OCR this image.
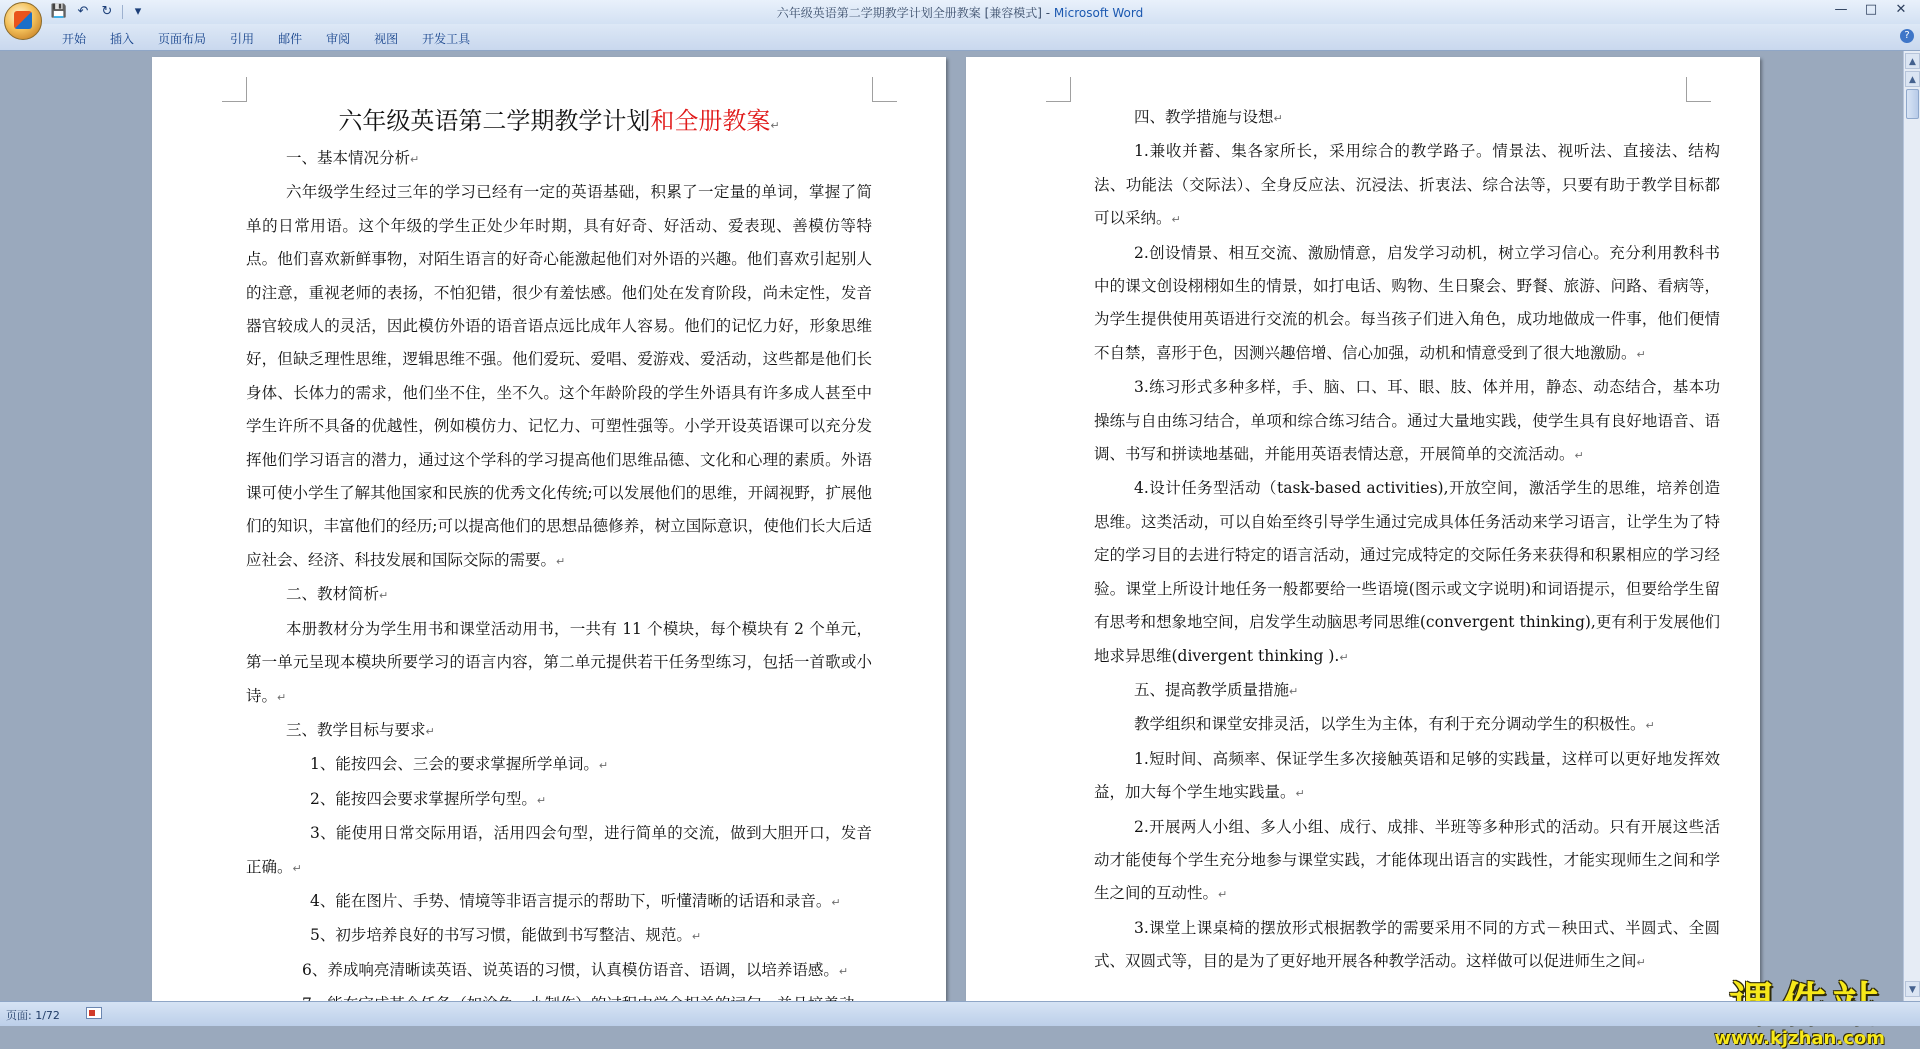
💾 ↶ ↻	▾	六年级英语第二学期教学计划全册教案 [兼容模式] - Microsoft Word	—	□	✕
开始	插入	页面布局	引用	邮件	审阅	视图	开发工具	?
六年级英语第二学期教学计划和全册教案↵

一、基本情况分析↵

六年级学生经过三年的学习已经有一定的英语基础，积累了一定量的单词，掌握了简单的日常用语。这个年级的学生正处少年时期，具有好奇、好活动、爱表现、善模仿等特点。他们喜欢新鲜事物，对陌生语言的好奇心能激起他们对外语的兴趣。他们喜欢引起别人的注意，重视老师的表扬，不怕犯错，很少有羞怯感。他们处在发育阶段，尚未定性，发音器官较成人的灵活，因此模仿外语的语音语点远比成年人容易。他们的记忆力好，形象思维好，但缺乏理性思维，逻辑思维不强。他们爱玩、爱唱、爱游戏、爱活动，这些都是他们长身体、长体力的需求，他们坐不住，坐不久。这个年龄阶段的学生外语具有许多成人甚至中学生许所不具备的优越性，例如模仿力、记忆力、可塑性强等。小学开设英语课可以充分发挥他们学习语言的潜力，通过这个学科的学习提高他们思维品德、文化和心理的素质。外语课可使小学生了解其他国家和民族的优秀文化传统;可以发展他们的思维，开阔视野，扩展他们的知识，丰富他们的经历;可以提高他们的思想品德修养，树立国际意识，使他们长大后适应社会、经济、科技发展和国际交际的需要。↵

二、教材简析↵

本册教材分为学生用书和课堂活动用书，一共有 11 个模块，每个模块有 2 个单元，第一单元呈现本模块所要学习的语言内容，第二单元提供若干任务型练习，包括一首歌或小诗。↵

三、教学目标与要求↵

1、能按四会、三会的要求掌握所学单词。↵

2、能按四会要求掌握所学句型。↵

3、能使用日常交际用语，活用四会句型，进行简单的交流，做到大胆开口，发音正确。↵

4、能在图片、手势、情境等非语言提示的帮助下，听懂清晰的话语和录音。↵

5、初步培养良好的书写习惯，能做到书写整洁、规范。↵

6、养成响亮清晰读英语、说英语的习惯，认真模仿语音、语调，以培养语感。↵

四、教学措施与设想↵

1.兼收并蓄、集各家所长，采用综合的教学路子。情景法、视听法、直接法、结构法、功能法（交际法）、全身反应法、沉浸法、折衷法、综合法等，只要有助于教学目标都可以采纳。↵

2.创设情景、相互交流、激励情意，启发学习动机，树立学习信心。充分利用教科书中的课文创设栩栩如生的情景，如打电话、购物、生日聚会、野餐、旅游、问路、看病等，为学生提供使用英语进行交流的机会。每当孩子们进入角色，成功地做成一件事，他们便情不自禁，喜形于色，因测兴趣倍增、信心加强，动机和情意受到了很大地激励。↵

3.练习形式多种多样，手、脑、口、耳、眼、肢、体并用，静态、动态结合，基本功操练与自由练习结合，单项和综合练习结合。通过大量地实践，使学生具有良好地语音、语调、书写和拼读地基础，并能用英语表情达意，开展简单的交流活动。↵

4.设计任务型活动（task-based activities),开放空间，激活学生的思维，培养创造思维。这类活动，可以自始至终引导学生通过完成具体任务活动来学习语言，让学生为了特定的学习目的去进行特定的语言活动，通过完成特定的交际任务来获得和积累相应的学习经验。课堂上所设计地任务一般都要给一些语境(图示或文字说明)和词语提示，但要给学生留有思考和想象地空间，启发学生动脑思考同思维(convergent thinking),更有利于发展他们地求异思维(divergent thinking ).↵

五、提高教学质量措施↵

教学组织和课堂安排灵活，以学生为主体，有利于充分调动学生的积极性。↵

1.短时间、高频率、保证学生多次接触英语和足够的实践量，这样可以更好地发挥效益，加大每个学生地实践量。↵

2.开展两人小组、多人小组、成行、成排、半班等多种形式的活动。只有开展这些活动才能使每个学生充分地参与课堂实践，才能体现出语言的实践性，才能实现师生之间和学生之间的互动性。↵

3.课堂上课桌椅的摆放形式根据教学的需要采用不同的方式－秧田式、半圆式、全圆式、双圆式等，目的是为了更好地开展各种教学活动。这样做可以促进师生之间↵

www.kjzhan.com
▲
▲
▼
页面: 1/72
